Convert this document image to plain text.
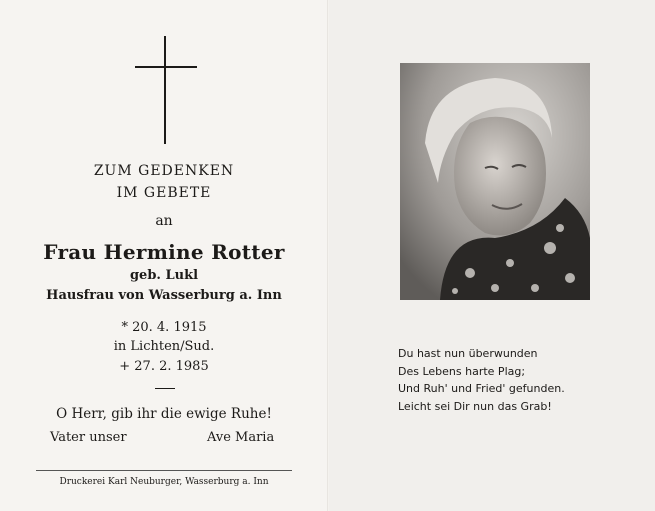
ZUM GEDENKEN
IM GEBETE
an
Frau Hermine Rotter
geb. Lukl
Hausfrau von Wasserburg a. Inn
* 20. 4. 1915
in Lichten/Sud.
+ 27. 2. 1985
O Herr, gib ihr die ewige Ruhe!
Vater unser	Ave Maria
Druckerei Karl Neuburger, Wasserburg a. Inn
Du hast nun überwunden
Des Lebens harte Plag;
Und Ruh' und Fried' gefunden.
Leicht sei Dir nun das Grab!
